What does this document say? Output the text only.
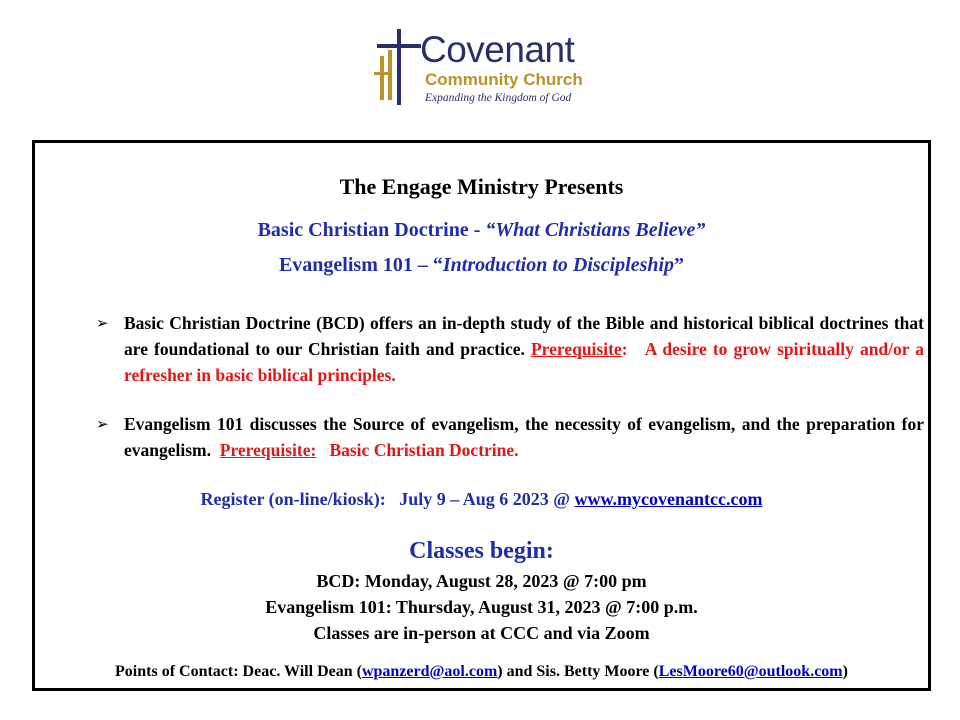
Covenant
Community Church
Expanding the Kingdom of God
The Engage Ministry Presents
Basic Christian Doctrine - “What Christians Believe”
Evangelism 101 – “Introduction to Discipleship”
➢ Basic Christian Doctrine (BCD) offers an in-depth study of the Bible and historical biblical doctrines that are foundational to our Christian faith and practice. Prerequisite: A desire to grow spiritually and/or a refresher in basic biblical principles.
➢ Evangelism 101 discusses the Source of evangelism, the necessity of evangelism, and the preparation for evangelism. Prerequisite: Basic Christian Doctrine.
Register (on-line/kiosk): July 9 – Aug 6 2023 @ www.mycovenantcc.com
Classes begin:
BCD: Monday, August 28, 2023 @ 7:00 pm
Evangelism 101: Thursday, August 31, 2023 @ 7:00 p.m.
Classes are in-person at CCC and via Zoom
Points of Contact: Deac. Will Dean (wpanzerd@aol.com) and Sis. Betty Moore (LesMoore60@outlook.com)
